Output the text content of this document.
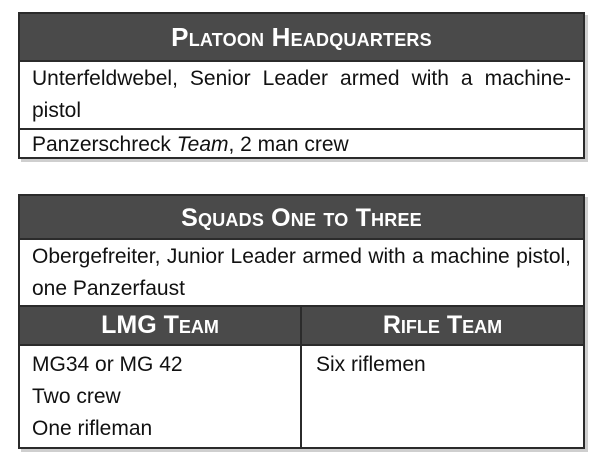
Platoon Headquarters
Unterfeldwebel, Senior Leader armed with a machine-pistol
Panzerschreck Team, 2 man crew
Squads One to Three
Obergefreiter, Junior Leader armed with a machine pistol, one Panzerfaust
LMG Team	Rifle Team
MG34 or MG 42
Two crew
One rifleman
Six riflemen
